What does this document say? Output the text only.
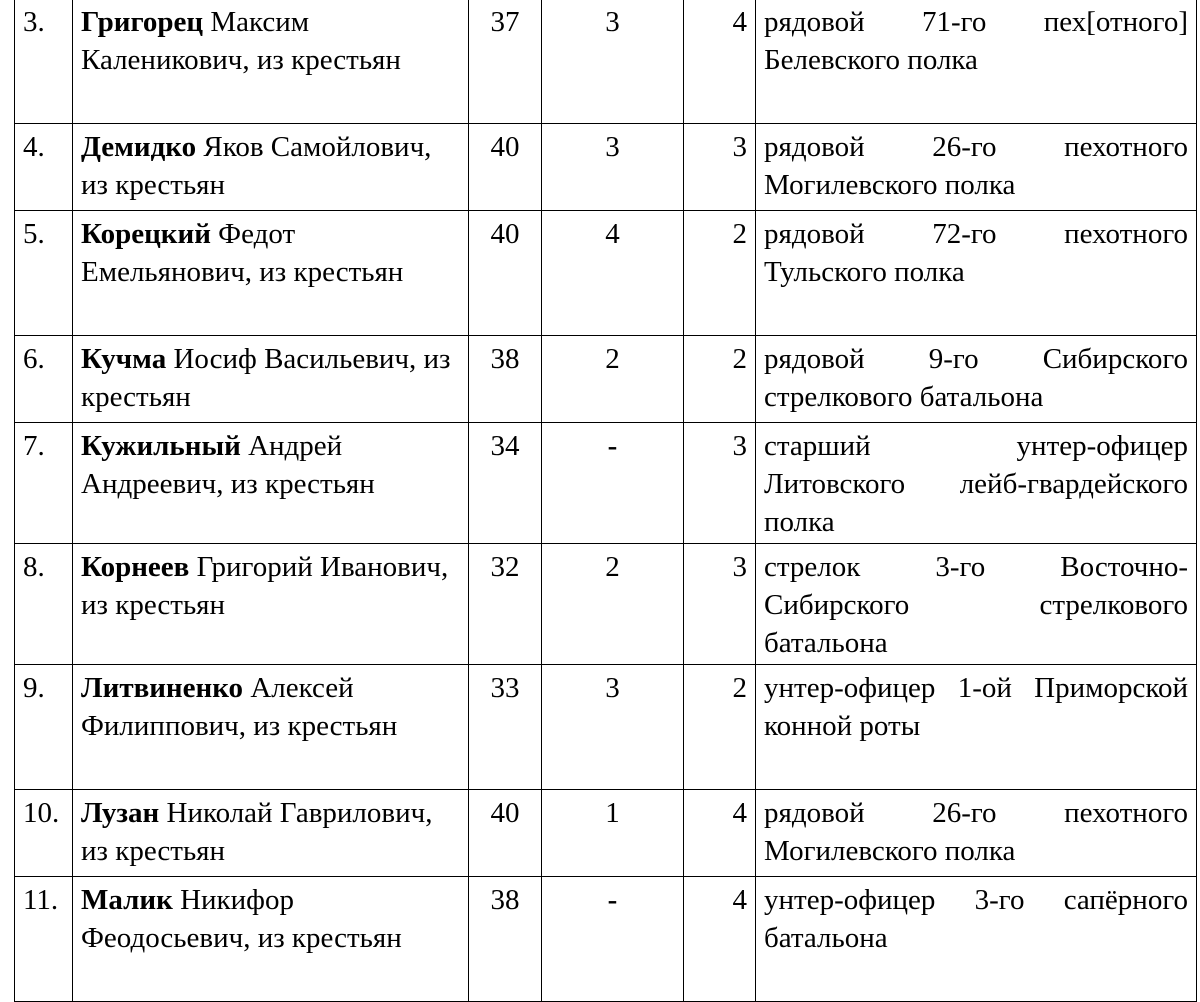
3.	Григорец Максим Каленикович, из крестьян	37	3	4	рядовой 71-го пех[отного] Белевского полка
4.	Демидко Яков Самойлович, из крестьян	40	3	3	рядовой 26-го пехотного Могилевского полка
5.	Корецкий Федот Емельянович, из крестьян	40	4	2	рядовой 72-го пехотного Тульского полка
6.	Кучма Иосиф Васильевич, из крестьян	38	2	2	рядовой 9-го Сибирского стрелкового батальона
7.	Кужильный Андрей Андреевич, из крестьян	34	-	3	старший унтер-офицер Литовского лейб-гвардейского полка
8.	Корнеев Григорий Иванович, из крестьян	32	2	3	стрелок 3-го Восточно-Сибирского стрелкового батальона
9.	Литвиненко Алексей Филиппович, из крестьян	33	3	2	унтер-офицер 1-ой Приморской конной роты
10.	Лузан Николай Гаврилович, из крестьян	40	1	4	рядовой 26-го пехотного Могилевского полка
11.	Малик Никифор Феодосьевич, из крестьян	38	-	4	унтер-офицер 3-го сапёрного батальона
